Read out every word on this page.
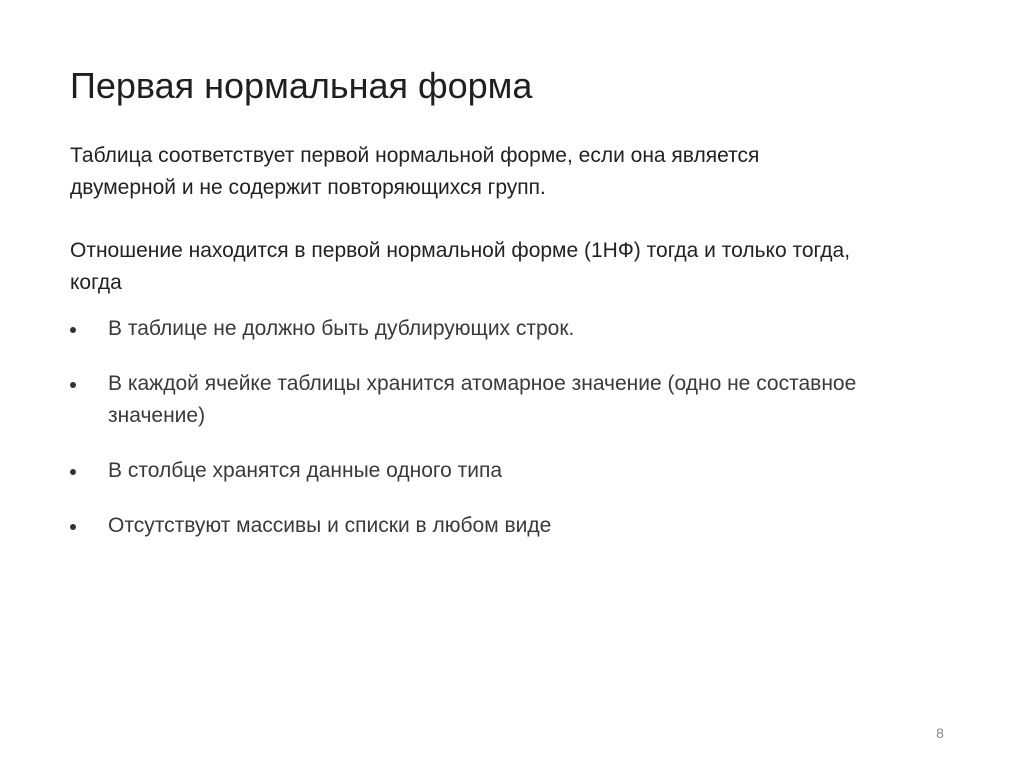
Первая нормальная форма

Таблица соответствует первой нормальной форме, если она является
двумерной и не содержит повторяющихся групп.

Отношение находится в первой нормальной форме (1НФ) тогда и только тогда,
когда

В таблице не должно быть дублирующих строк.
В каждой ячейке таблицы хранится атомарное значение (одно не составное
значение)
В столбце хранятся данные одного типа
Отсутствуют массивы и списки в любом виде
8
